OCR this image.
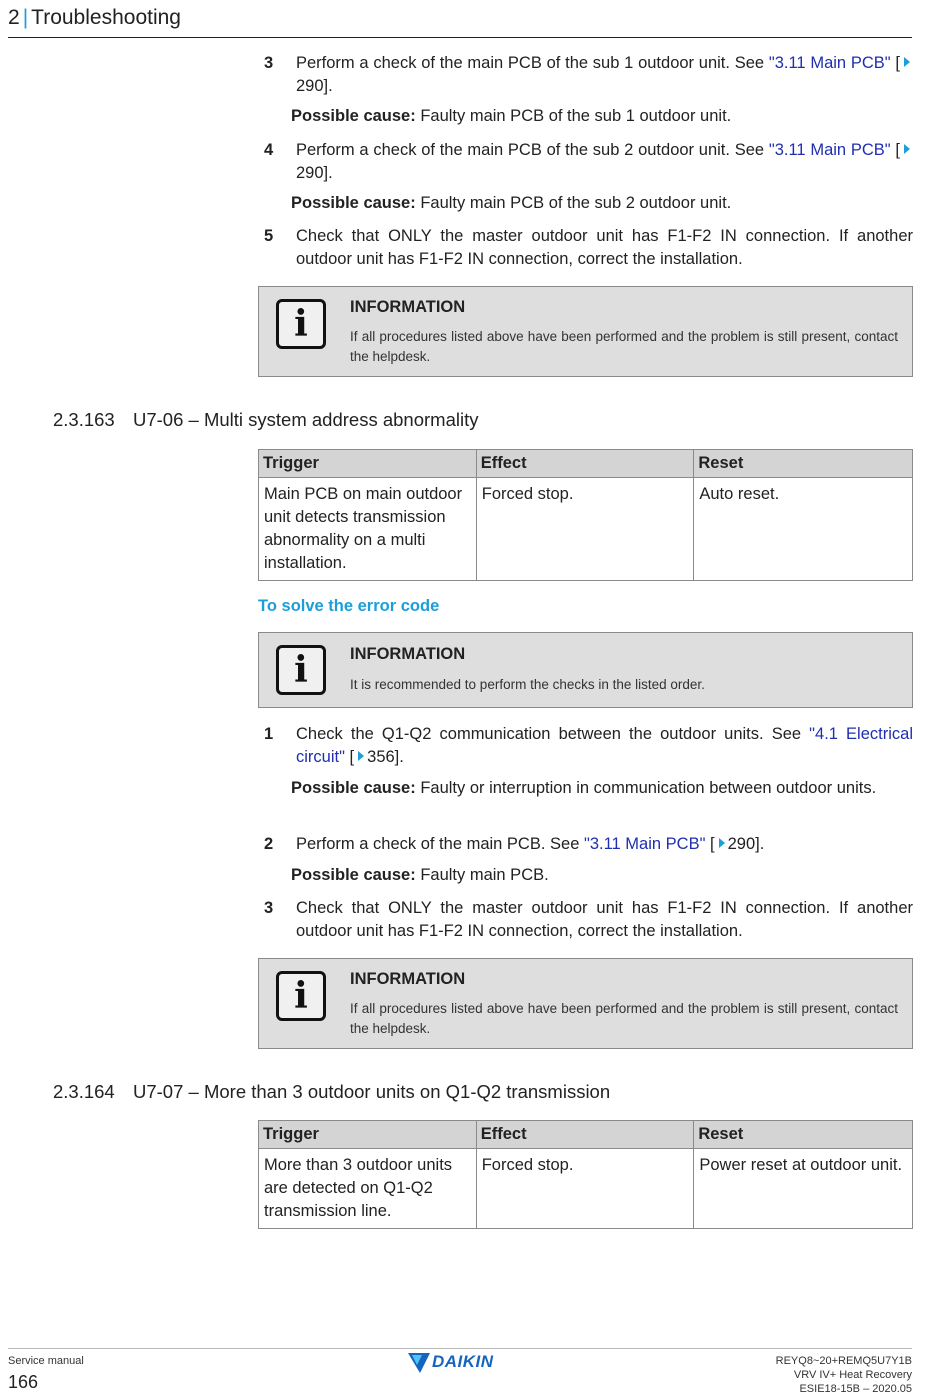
2 | Troubleshooting
3 Perform a check of the main PCB of the sub 1 outdoor unit. See "3.11 Main PCB" [290].
Possible cause: Faulty main PCB of the sub 1 outdoor unit.
4 Perform a check of the main PCB of the sub 2 outdoor unit. See "3.11 Main PCB" [290].
Possible cause: Faulty main PCB of the sub 2 outdoor unit.
5 Check that ONLY the master outdoor unit has F1-F2 IN connection. If another outdoor unit has F1-F2 IN connection, correct the installation.
i	INFORMATION
If all procedures listed above have been performed and the problem is still present, contact the helpdesk.
2.3.163 U7-06 – Multi system address abnormality
Trigger	Effect	Reset
Main PCB on main outdoor unit detects transmission abnormality on a multi installation.	Forced stop.	Auto reset.
To solve the error code
i	INFORMATION
It is recommended to perform the checks in the listed order.
1 Check the Q1-Q2 communication between the outdoor units. See "4.1 Electrical circuit" [ 356].
Possible cause: Faulty or interruption in communication between outdoor units.
2 Perform a check of the main PCB. See "3.11 Main PCB" [ 290].
Possible cause: Faulty main PCB.
3 Check that ONLY the master outdoor unit has F1-F2 IN connection. If another outdoor unit has F1-F2 IN connection, correct the installation.
i	INFORMATION
If all procedures listed above have been performed and the problem is still present, contact the helpdesk.
2.3.164 U7-07 – More than 3 outdoor units on Q1-Q2 transmission
Trigger	Effect	Reset
More than 3 outdoor units are detected on Q1-Q2 transmission line.	Forced stop.	Power reset at outdoor unit.
Service manual
166
DAIKIN	REYQ8~20+REMQ5U7Y1B
VRV IV+ Heat Recovery
ESIE18-15B – 2020.05
